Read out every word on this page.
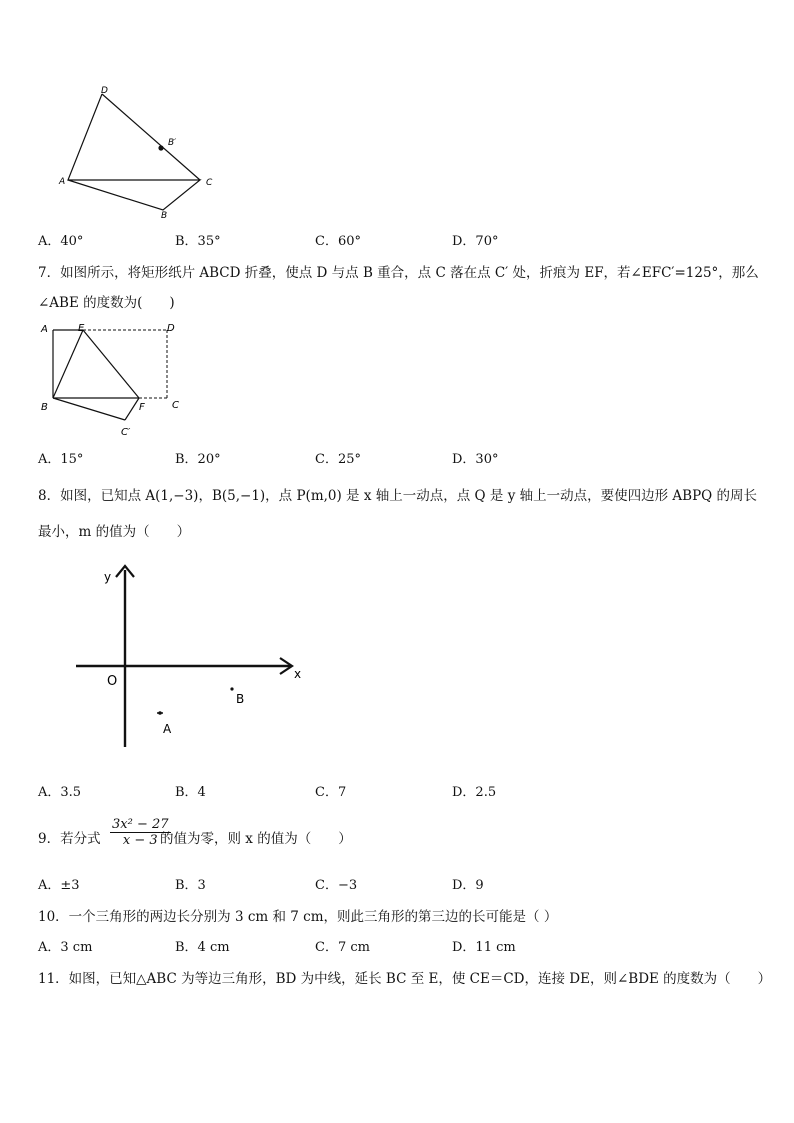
D
B′
A	C
B
A．40°	B．35°	C．60°	D．70°
7．如图所示，将矩形纸片 ABCD 折叠，使点 D 与点 B 重合，点 C 落在点 C′ 处，折痕为 EF，若∠EFC′=125°，那么
∠ABE 的度数为(　　)
A	E	D
B	F	C
C′
A．15°	B．20°	C．25°	D．30°
8．如图，已知点 A(1,−3)，B(5,−1)，点 P(m,0) 是 x 轴上一动点，点 Q 是 y 轴上一动点，要使四边形 ABPQ 的周长
最小，m 的值为（　　）
y
x
O
B
A
A．3.5	B．4	C．7	D．2.5
9．若分式 $\frac{\text{3x² − 27}}{x - 3}$
的值为零，则 x 的值为（　　）
A．±3	B．3	C．−3	D．9
10．一个三角形的两边长分别为 3 cm 和 7 cm，则此三角形的第三边的长可能是（ ）
A．3 cm	B．4 cm	C．7 cm	D．11 cm
11．如图，已知△ABC 为等边三角形，BD 为中线，延长 BC 至 E，使 CE＝CD，连接 DE，则∠BDE 的度数为（　　）
